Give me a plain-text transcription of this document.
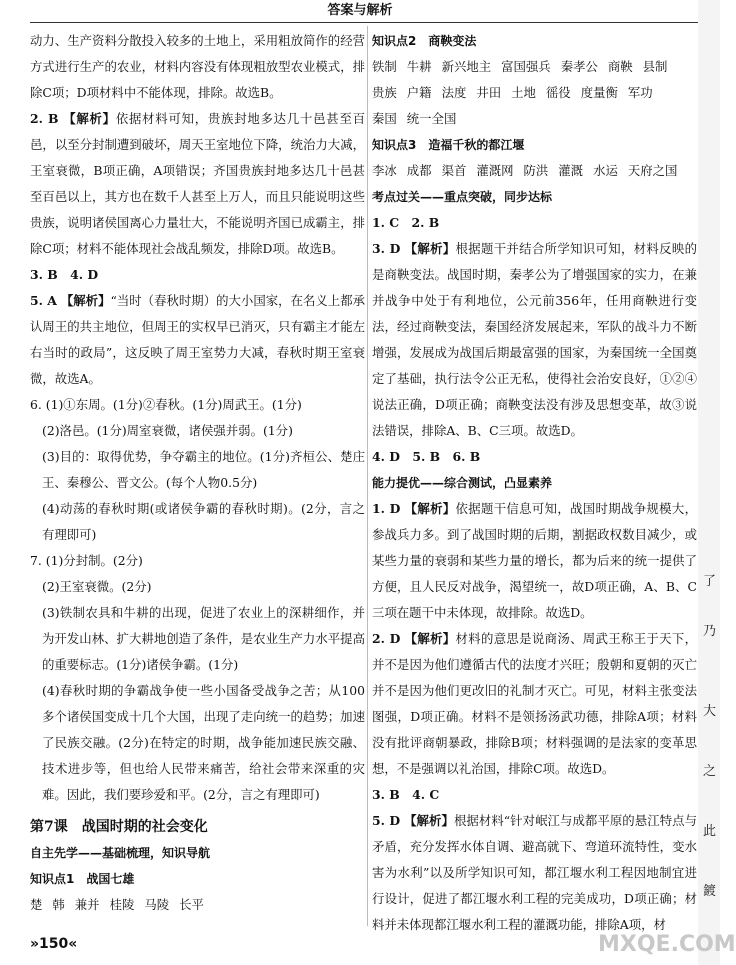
答案与解析

动力、生产资料分散投入较多的土地上，采用粗放简作的经营方式进行生产的农业，材料内容没有体现粗放型农业模式，排除C项；D项材料中不能体现，排除。故选B。

2. B 【解析】依据材料可知，贵族封地多达几十邑甚至百邑，以至分封制遭到破坏，周天王室地位下降，统治力大减，王室衰微，B项正确，A项错误；齐国贵族封地多达几十邑甚至百邑以上，其方也在数千人甚至上万人，而且只能说明这些贵族，说明诸侯国离心力量壮大，不能说明齐国已成霸主，排除C项；材料不能体现社会战乱频发，排除D项。故选B。

3. B　4. D

5. A 【解析】“当时（春秋时期）的大小国家，在名义上都承认周王的共主地位，但周王的实权早已消灭，只有霸主才能左右当时的政局”，这反映了周王室势力大减，春秋时期王室衰微，故选A。

6. (1)①东周。(1分)②春秋。(1分)周武王。(1分)

(2)洛邑。(1分)周室衰微，诸侯强并弱。(1分)

(3)目的：取得优势，争夺霸主的地位。(1分)齐桓公、楚庄王、秦穆公、晋文公。(每个人物0.5分)

(4)动荡的春秋时期(或诸侯争霸的春秋时期)。(2分，言之有理即可)

7. (1)分封制。(2分)

(2)王室衰微。(2分)

(3)铁制农具和牛耕的出现，促进了农业上的深耕细作，并为开发山林、扩大耕地创造了条件，是农业生产力水平提高的重要标志。(1分)诸侯争霸。(1分)

(4)春秋时期的争霸战争使一些小国备受战争之苦；从100多个诸侯国变成十几个大国，出现了走向统一的趋势；加速了民族交融。(2分)在特定的时期，战争能加速民族交融、技术进步等，但也给人民带来痛苦，给社会带来深重的灾难。因此，我们要珍爱和平。(2分，言之有理即可)

第7课　战国时期的社会变化

自主先学——基础梳理，知识导航

知识点1　战国七雄

楚 韩 兼并 桂陵 马陵 长平

知识点2　商鞅变法

铁制 牛耕 新兴地主 富国强兵 秦孝公 商鞅 县制贵族 户籍 法度 井田 土地 徭役 度量衡 军功秦国 统一全国

知识点3　造福千秋的都江堰

李冰 成都 渠首 灌溉网 防洪 灌溉 水运 天府之国

考点过关——重点突破，同步达标

1. C　2. B

3. D 【解析】根据题干并结合所学知识可知，材料反映的是商鞅变法。战国时期，秦孝公为了增强国家的实力，在兼并战争中处于有利地位，公元前356年，任用商鞅进行变法，经过商鞅变法，秦国经济发展起来，军队的战斗力不断增强，发展成为战国后期最富强的国家，为秦国统一全国奠定了基础，执行法令公正无私，使得社会治安良好，①②④说法正确，D项正确；商鞅变法没有涉及思想变革，故③说法错误，排除A、B、C三项。故选D。

4. D　5. B　6. B

能力提优——综合测试，凸显素养

1. D 【解析】依据题干信息可知，战国时期战争规模大，参战兵力多。到了战国时期的后期，割据政权数目减少，或某些力量的衰弱和某些力量的增长，都为后来的统一提供了方便，且人民反对战争，渴望统一，故D项正确，A、B、C三项在题干中未体现，故排除。故选D。

2. D 【解析】材料的意思是说商汤、周武王称王于天下，并不是因为他们遵循古代的法度才兴旺；殷朝和夏朝的灭亡并不是因为他们更改旧的礼制才灭亡。可见，材料主张变法图强，D项正确。材料不是领扬汤武功德，排除A项；材料没有批评商朝暴政，排除B项；材料强调的是法家的变革思想，不是强调以礼治国，排除C项。故选D。

3. B　4. C

5. D 【解析】根据材料“针对岷江与成都平原的悬江特点与矛盾，充分发挥水体自调、避高就下、弯道环流特性，变水害为水利”以及所学知识可知，都江堰水利工程因地制宜进行设计，促进了都江堰水利工程的完美成功，D项正确；材料并未体现都江堰水利工程的灌溉功能，排除A项，材

了
乃
大
之
此
鍍
»150«	MXQE.COM
